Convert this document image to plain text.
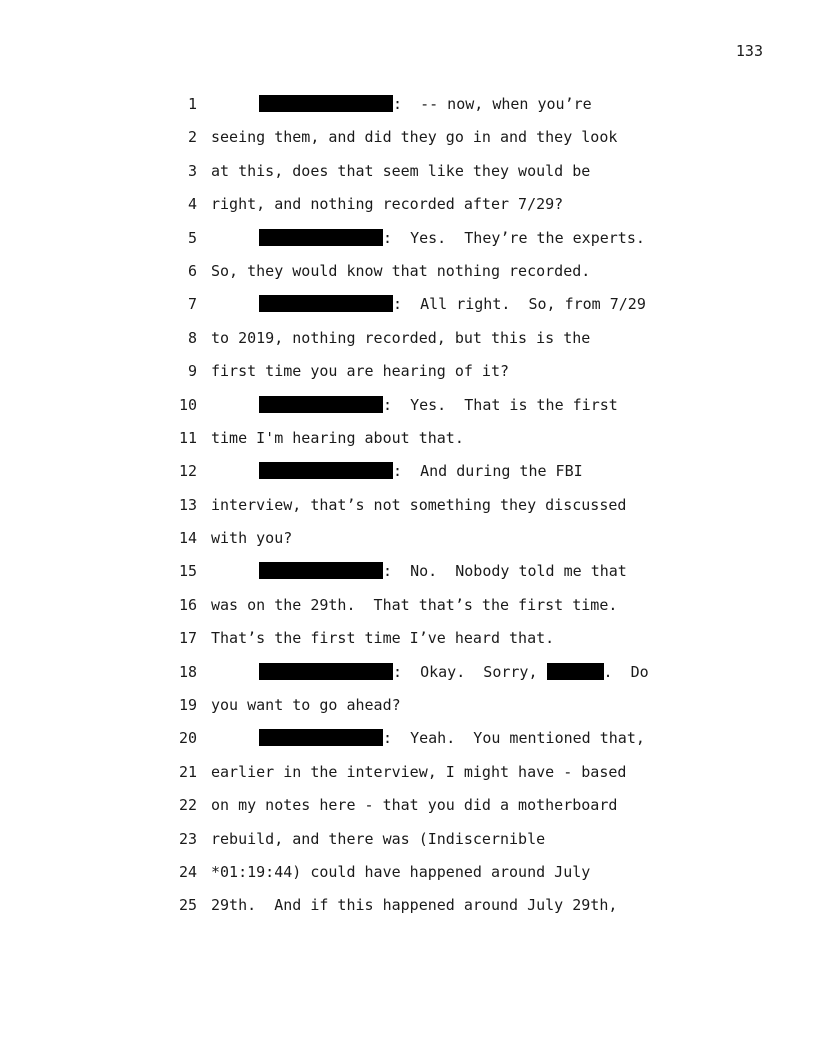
133
1	:  -- now, when you’re
2 seeing them, and did they go in and they look
3 at this, does that seem like they would be
4 right, and nothing recorded after 7/29?
5	:  Yes.  They’re the experts.
6 So, they would know that nothing recorded.
7	:  All right.  So, from 7/29
8 to 2019, nothing recorded, but this is the
9 first time you are hearing of it?
10	:  Yes.  That is the first
11 time I'm hearing about that.
12	:  And during the FBI
13 interview, that’s not something they discussed
14 with you?
15	:  No.  Nobody told me that
16 was on the 29th.  That that’s the first time.
17 That’s the first time I’ve heard that.
18	:  Okay.  Sorry,	.  Do
19 you want to go ahead?
20	:  Yeah.  You mentioned that,
21 earlier in the interview, I might have - based
22 on my notes here - that you did a motherboard
23 rebuild, and there was (Indiscernible
24 *01:19:44) could have happened around July
25 29th.  And if this happened around July 29th,
